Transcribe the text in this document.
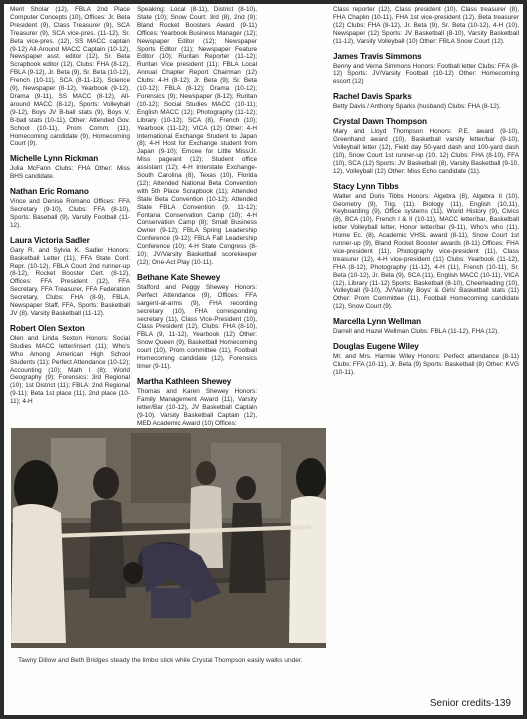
Merit Sholar (12), FBLA 2nd Place Computer Concepts (10), Offices: Jr. Beta President (9), Class Treasurer (9), SCA Treasurer (9), SCA vice-pres. (11-12), Sr. Beta vice-pres. (12), SS MACC captain (9-12) All-Around MACC Captain (10-12), Newspaper asst. editor (12), Sr. Beta Scrapbook editor (12), Clubs: FHA (8-12), FBLA (9-12), Jr. Beta (9), Sr. Beta (10-12), French (10-11), SCA (8-11-12), Science (9), Newspaper (8-12), Yearbook (9-12), Drama (9-11), SS MACC (8-12), All-around MACC (8-12), Sports: Volleyball (9-12), Boys JV B-ball stats (9), Boys V. B-ball stats (10-11), Other: Attended Gov. School (10-11), Prom Comm. (11), Homecoming candidate (9), Homecoming Court (9).
Michelle Lynn Rickman
Julia McFann Clubs: FHA Other: Miss BHS candidate.
Nathan Eric Romano
Vince and Denise Romano Offices: FFA Secretary (9-10), Clubs: FFA (8-10), Sports: Baseball (9), Varsity Football (11-12).
Laura Victoria Sadler
Gary R. and Sylvia K. Sadler Honors: Basketball Letter (11), FFA State Conf. Repr. (10-12), FBLA Court 2nd runner-up (8-12), Rocket Booster Cert. (8-12), Offices: FFA President (12), FFA Secretary, FFA Treasurer, FFA Federation Secretary, Clubs: FHA (8-9), FBLA, Newspaper Staff, FFA, Sports: Basketball JV (8). Varsity Basketball (11-12).
Robert Olen Sexton
Olen and Linda Sexton Honors: Social Studies MACC letter/insert (11); Who's Who Among American High School Students (11); Perfect Attendance (10-12); Accounting (10); Math I (8); World Geography (9); Forensics: 3rd Regional (10); 1st District (11); FBLA: 2nd Regional (9-11); Beta 1st place (11), 2nd place (10-11); 4-H
Speaking: Local (8-11), District (8-10), State (10); Snow Court: 3rd (8), 2nd (9); Bland Rocket Boosters Award (9-11) Offices: Yearbook Business Manager (12); Newspaper Editor (12); Newspaper Sports Editor (11); Newspaper Feature Editor (10); Ruritan Reporter (11-12); Ruritan Vice president (11); FBLA Local Annual Chapter Report Chairman (12) Clubs: 4-H (8-12); Jr. Beta (9); Sr. Beta (10-12); FBLA (8-12); Drama (10-12); Forensics (9); Newspaper (8-12); Ruritan (10-12); Social Studies MACC (10-11); English MACC (12); Photography (11-12); Library (10-12); SCA (8), French (10); Yearbook (11-12); VICA (12) Other: 4-H International Exchange Student to Japan (8); 4-H Host for Exchange student from Japan (9-10); Emcee for Little Miss/Jr. Miss pageant (12); Student office assistant (12); 4-H Interstate Exchange-South Carolina (8), Texas (10), Florida (12); Attended National Beta Convention with 5th Place Scrapbook (11); Attended State Beta Convention (10-12); Attended State FBLA Convention (9, 11-12); Fontana Conservation Camp (10); 4-H Conservation Camp (8); Small Business Owner (9-12); FBLA Spring Leadership Conference (9-12); FBLA Fall Leadership Conference (10); 4-H State Congress (8-10); JV/Varsity Basketball scorekeeper (12); One-Act Play (10-11).
Bethane Kate Shewey
Stafford and Peggy Shewey Honors: Perfect Attendance (9), Offices: FFA sargent-at-arms (9), FHA recording secretary (10), FHA corresponding secretary (11), Class Vice-President (10), Class President (12), Clubs: FHA (8-10), FBLA (9, 11-12), Yearbook (12) Other: Snow Queen (9), Basketball Homecoming court (10), Prom committee (11), Football Homecoming candidate (12), Forensics timer (9-11).
Martha Kathleen Shewey
Thomas and Karen Shewey Honors: Family Management Award (11), Varsity letter/Bar (10-12), JV Basketball Captain (9-10). Varsity Basketball Captain (12), MED Academic Award (10) Offices:
Class reporter (12), Class president (10), Class treasurer (8), FHA Chaplin (10-11), FHA 1st vice-president (12), Beta treasurer (12) Clubs: FHA (8-12), Jr. Beta (9), Sr. Beta (10-12), 4-H (10), Newspaper (12) Sports: JV Basketball (8-10), Varsity Basketball (11-12), Varsity Volleyball (10) Other: FBLA Snow Court (12).
James Travis Simmons
Benny and Verna Simmons Honors: Football letter Clubs: FFA (8-12) Sports: JV/Varsity Football (10-12) Other: Homecoming escort (12)
Rachel Davis Sparks
Betty Davis / Anthony Sparks (husband) Clubs: FHA (8-12).
Crystal Dawn Thompson
Mary and Lloyd Thompson Honors: P.E. award (9-10), Greenhand award (10), Basketball varsity letter/bar (9-10), Volleyball letter (12), Field day 50-yard dash and 100-yard dash (10), Snow Court 1st runner-up (10, 12) Clubs: FHA (8-10), FFA (10), SCA (12) Sports: JV Basketball (8), Varsity Basketball (9-10, 12), Volleyball (12) Other: Miss Echo candidate (11).
Stacy Lynn Tibbs
Walter and Doris Tibbs Honors: Algebra (8), Algebra II (10), Geometry (9), Trig. (11). Biology (11), English (10,11), Keyboarding (9), Office systems (11), World History (9), Civics (8), BCA (10), French I & II (10-11), MACC letter/bar, Basketball letter Volleyball letter, Honor letter/bar (9-11), Who's who (11), Home Ec. (8), Academic VHSL award (8-11), Snow Court 1st runner-up (9), Bland Rocket Booster awards (8-11) Offices: FHA vice-president (11), Photography vice-president (11), Class treasurer (12), 4-H vice-president (11) Clubs: Yearbook (11-12), FHA (8-12), Photography (11-12), 4-H (11), French (10-11), Sr. Beta (10-12), Jr. Beta (9), SCA (11), English MACC (10-11), VICA (12), Library (11-12) Sports: Basketball (8-10), Cheerleading (10), Volleyball (9-10), JV/Varsity Boys' & Girls' Basketball stats (11) Other: Prom Committee (11), Football Homecoming candidate (12), Snow Court (9).
Marcella Lynn Wellman
Darrell and Hazel Wellman Clubs: FBLA (11-12), FHA (12).
Douglas Eugene Wiley
Mr. and Mrs. Harmie Wiley Honors: Perfect attendance (8-11) Clubs: FFA (10-11), Jr. Beta (9) Sports: Basketball (8) Other: KVG (10-11).
Tawny Dillow and Beth Bridges steady the limbo stick while Crystal Thompson easily walks under.
Senior credits-139
